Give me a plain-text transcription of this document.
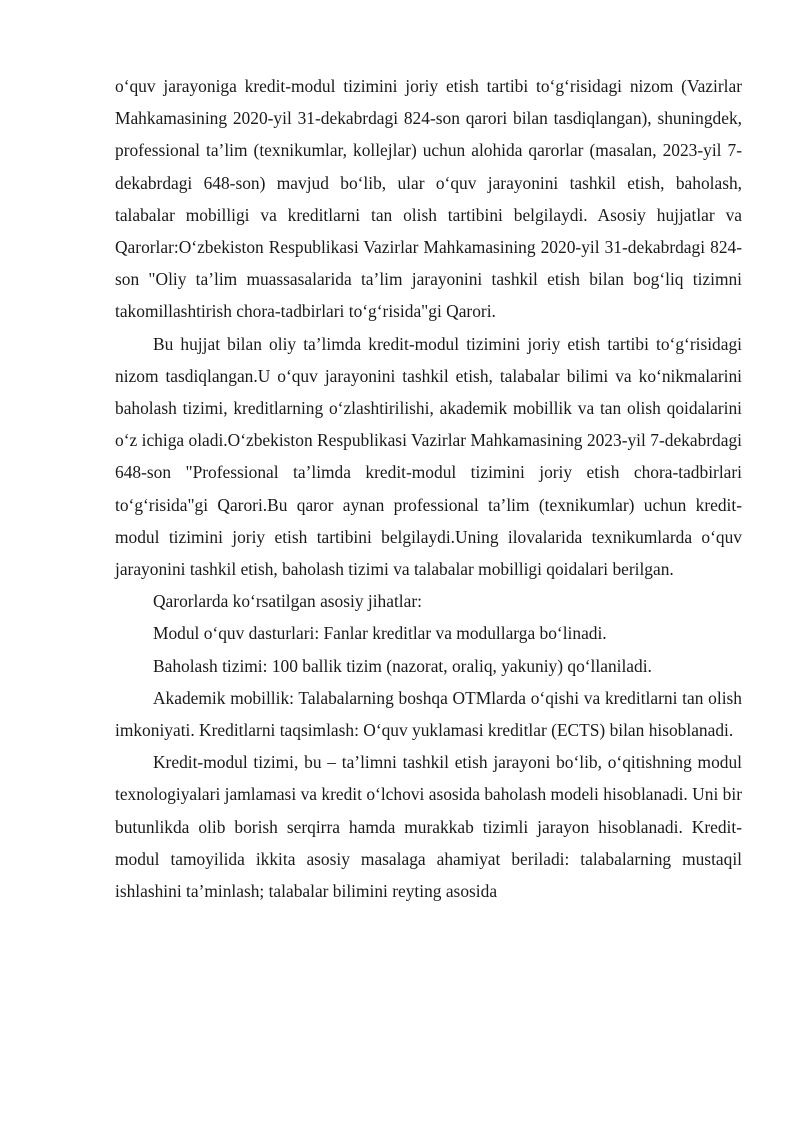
o‘quv jarayoniga kredit-modul tizimini joriy etish tartibi to‘g‘risidagi nizom (Vazirlar Mahkamasining 2020-yil 31-dekabrdagi 824-son qarori bilan tasdiqlangan), shuningdek, professional ta’lim (texnikumlar, kollejlar) uchun alohida qarorlar (masalan, 2023-yil 7-dekabrdagi 648-son) mavjud bo‘lib, ular o‘quv jarayonini tashkil etish, baholash, talabalar mobilligi va kreditlarni tan olish tartibini belgilaydi. Asosiy hujjatlar va Qarorlar:O‘zbekiston Respublikasi Vazirlar Mahkamasining 2020-yil 31-dekabrdagi 824-son "Oliy ta’lim muassasalarida ta’lim jarayonini tashkil etish bilan bog‘liq tizimni takomillashtirish chora-tadbirlari to‘g‘risida"gi Qarori.

Bu hujjat bilan oliy ta’limda kredit-modul tizimini joriy etish tartibi to‘g‘risidagi nizom tasdiqlangan.U o‘quv jarayonini tashkil etish, talabalar bilimi va ko‘nikmalarini baholash tizimi, kreditlarning o‘zlashtirilishi, akademik mobillik va tan olish qoidalarini o‘z ichiga oladi.O‘zbekiston Respublikasi Vazirlar Mahkamasining 2023-yil 7-dekabrdagi 648-son "Professional ta’limda kredit-modul tizimini joriy etish chora-tadbirlari to‘g‘risida"gi Qarori.Bu qaror aynan professional ta’lim (texnikumlar) uchun kredit-modul tizimini joriy etish tartibini belgilaydi.Uning ilovalarida texnikumlarda o‘quv jarayonini tashkil etish, baholash tizimi va talabalar mobilligi qoidalari berilgan.

Qarorlarda ko‘rsatilgan asosiy jihatlar:

Modul o‘quv dasturlari: Fanlar kreditlar va modullarga bo‘linadi.

Baholash tizimi: 100 ballik tizim (nazorat, oraliq, yakuniy) qo‘llaniladi.

Akademik mobillik: Talabalarning boshqa OTMlarda o‘qishi va kreditlarni tan olish imkoniyati. Kreditlarni taqsimlash: O‘quv yuklamasi kreditlar (ECTS) bilan hisoblanadi.

Kredit-modul tizimi, bu – ta’limni tashkil etish jarayoni bo‘lib, o‘qitishning modul texnologiyalari jamlamasi va kredit o‘lchovi asosida baholash modeli hisoblanadi. Uni bir butunlikda olib borish serqirra hamda murakkab tizimli jarayon hisoblanadi. Kredit-modul tamoyilida ikkita asosiy masalaga ahamiyat beriladi: talabalarning mustaqil ishlashini ta’minlash; talabalar bilimini reyting asosida
